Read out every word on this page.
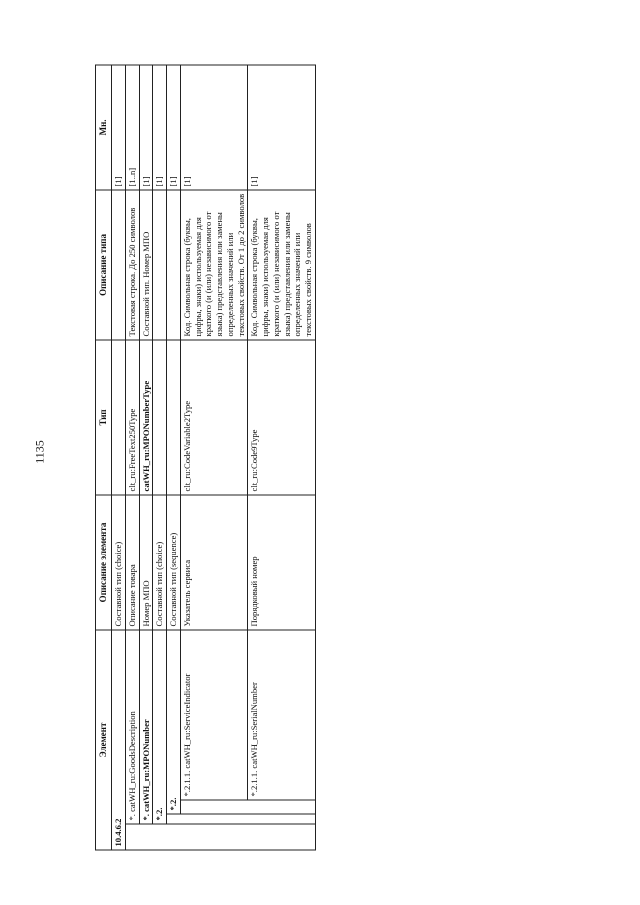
1135
Элемент				Описание элемента	Тип	Описание типа	Мн.
10.4.6.2				Составной тип (choice)			[1]
	*. catWH_ru:GoodsDescription			Описание товара	clt_ru:FreeText250Type	Текстовая строка. До 250 символов	[1..n]
	*. catWH_ru:MPONumber			Номер МПО	catWH_ru:MPONumberType	Составной тип. Номер МПО	[1]
	*.2.			Составной тип (choice)			[1]
		*.2.		Составной тип (sequence)			[1]
			*.2.1.1. catWH_ru:ServiceIndicator	Указатель сервиса	clt_ru:CodeVariable2Type	Код. Символьная строка (буквы, цифры, знаки) используемая для краткого (и (или) независимого от языка) представления или замены определенных значений или текстовых свойств. От 1 до 2 символов	[1]
			*.2.1.1. catWH_ru:SerialNumber	Порядковый номер	clt_ru:Code9Type	Код. Символьная строка (буквы, цифры, знаки) используемая для краткого (и (или) независимого от языка) представления или замены определенных значений или текстовых свойств. 9 символов	[1]
